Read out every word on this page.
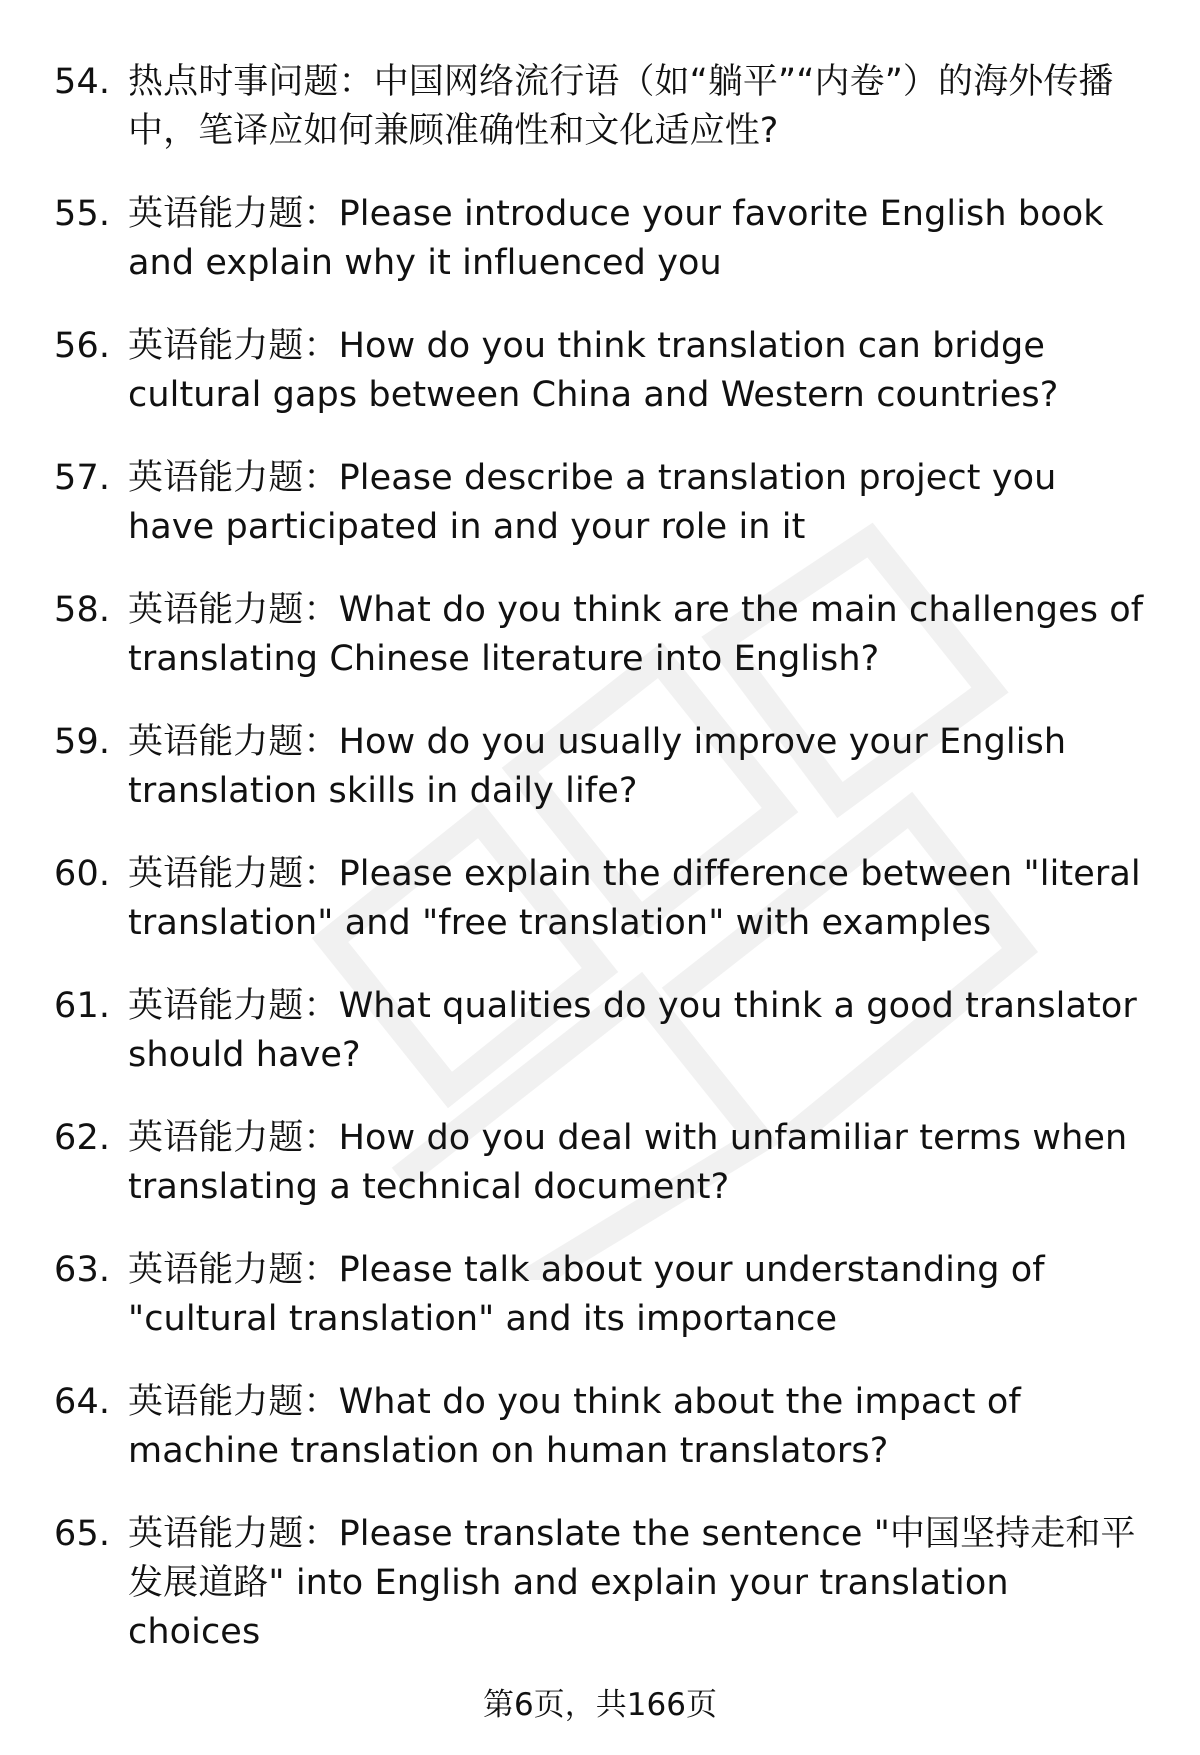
54. 热点时事问题：中国网络流行语（如“躺平”“内卷”）的海外传播中，笔译应如何兼顾准确性和文化适应性?
55. 英语能力题：Please introduce your favorite English book and explain why it influenced you
56. 英语能力题：How do you think translation can bridge cultural gaps between China and Western countries?
57. 英语能力题：Please describe a translation project you have participated in and your role in it
58. 英语能力题：What do you think are the main challenges of translating Chinese literature into English?
59. 英语能力题：How do you usually improve your English translation skills in daily life?
60. 英语能力题：Please explain the difference between "literal translation" and "free translation" with examples
61. 英语能力题：What qualities do you think a good translator should have?
62. 英语能力题：How do you deal with unfamiliar terms when translating a technical document?
63. 英语能力题：Please talk about your understanding of "cultural translation" and its importance
64. 英语能力题：What do you think about the impact of machine translation on human translators?
65. 英语能力题：Please translate the sentence "中国坚持走和平发展道路" into English and explain your translation choices
第6页，共166页
